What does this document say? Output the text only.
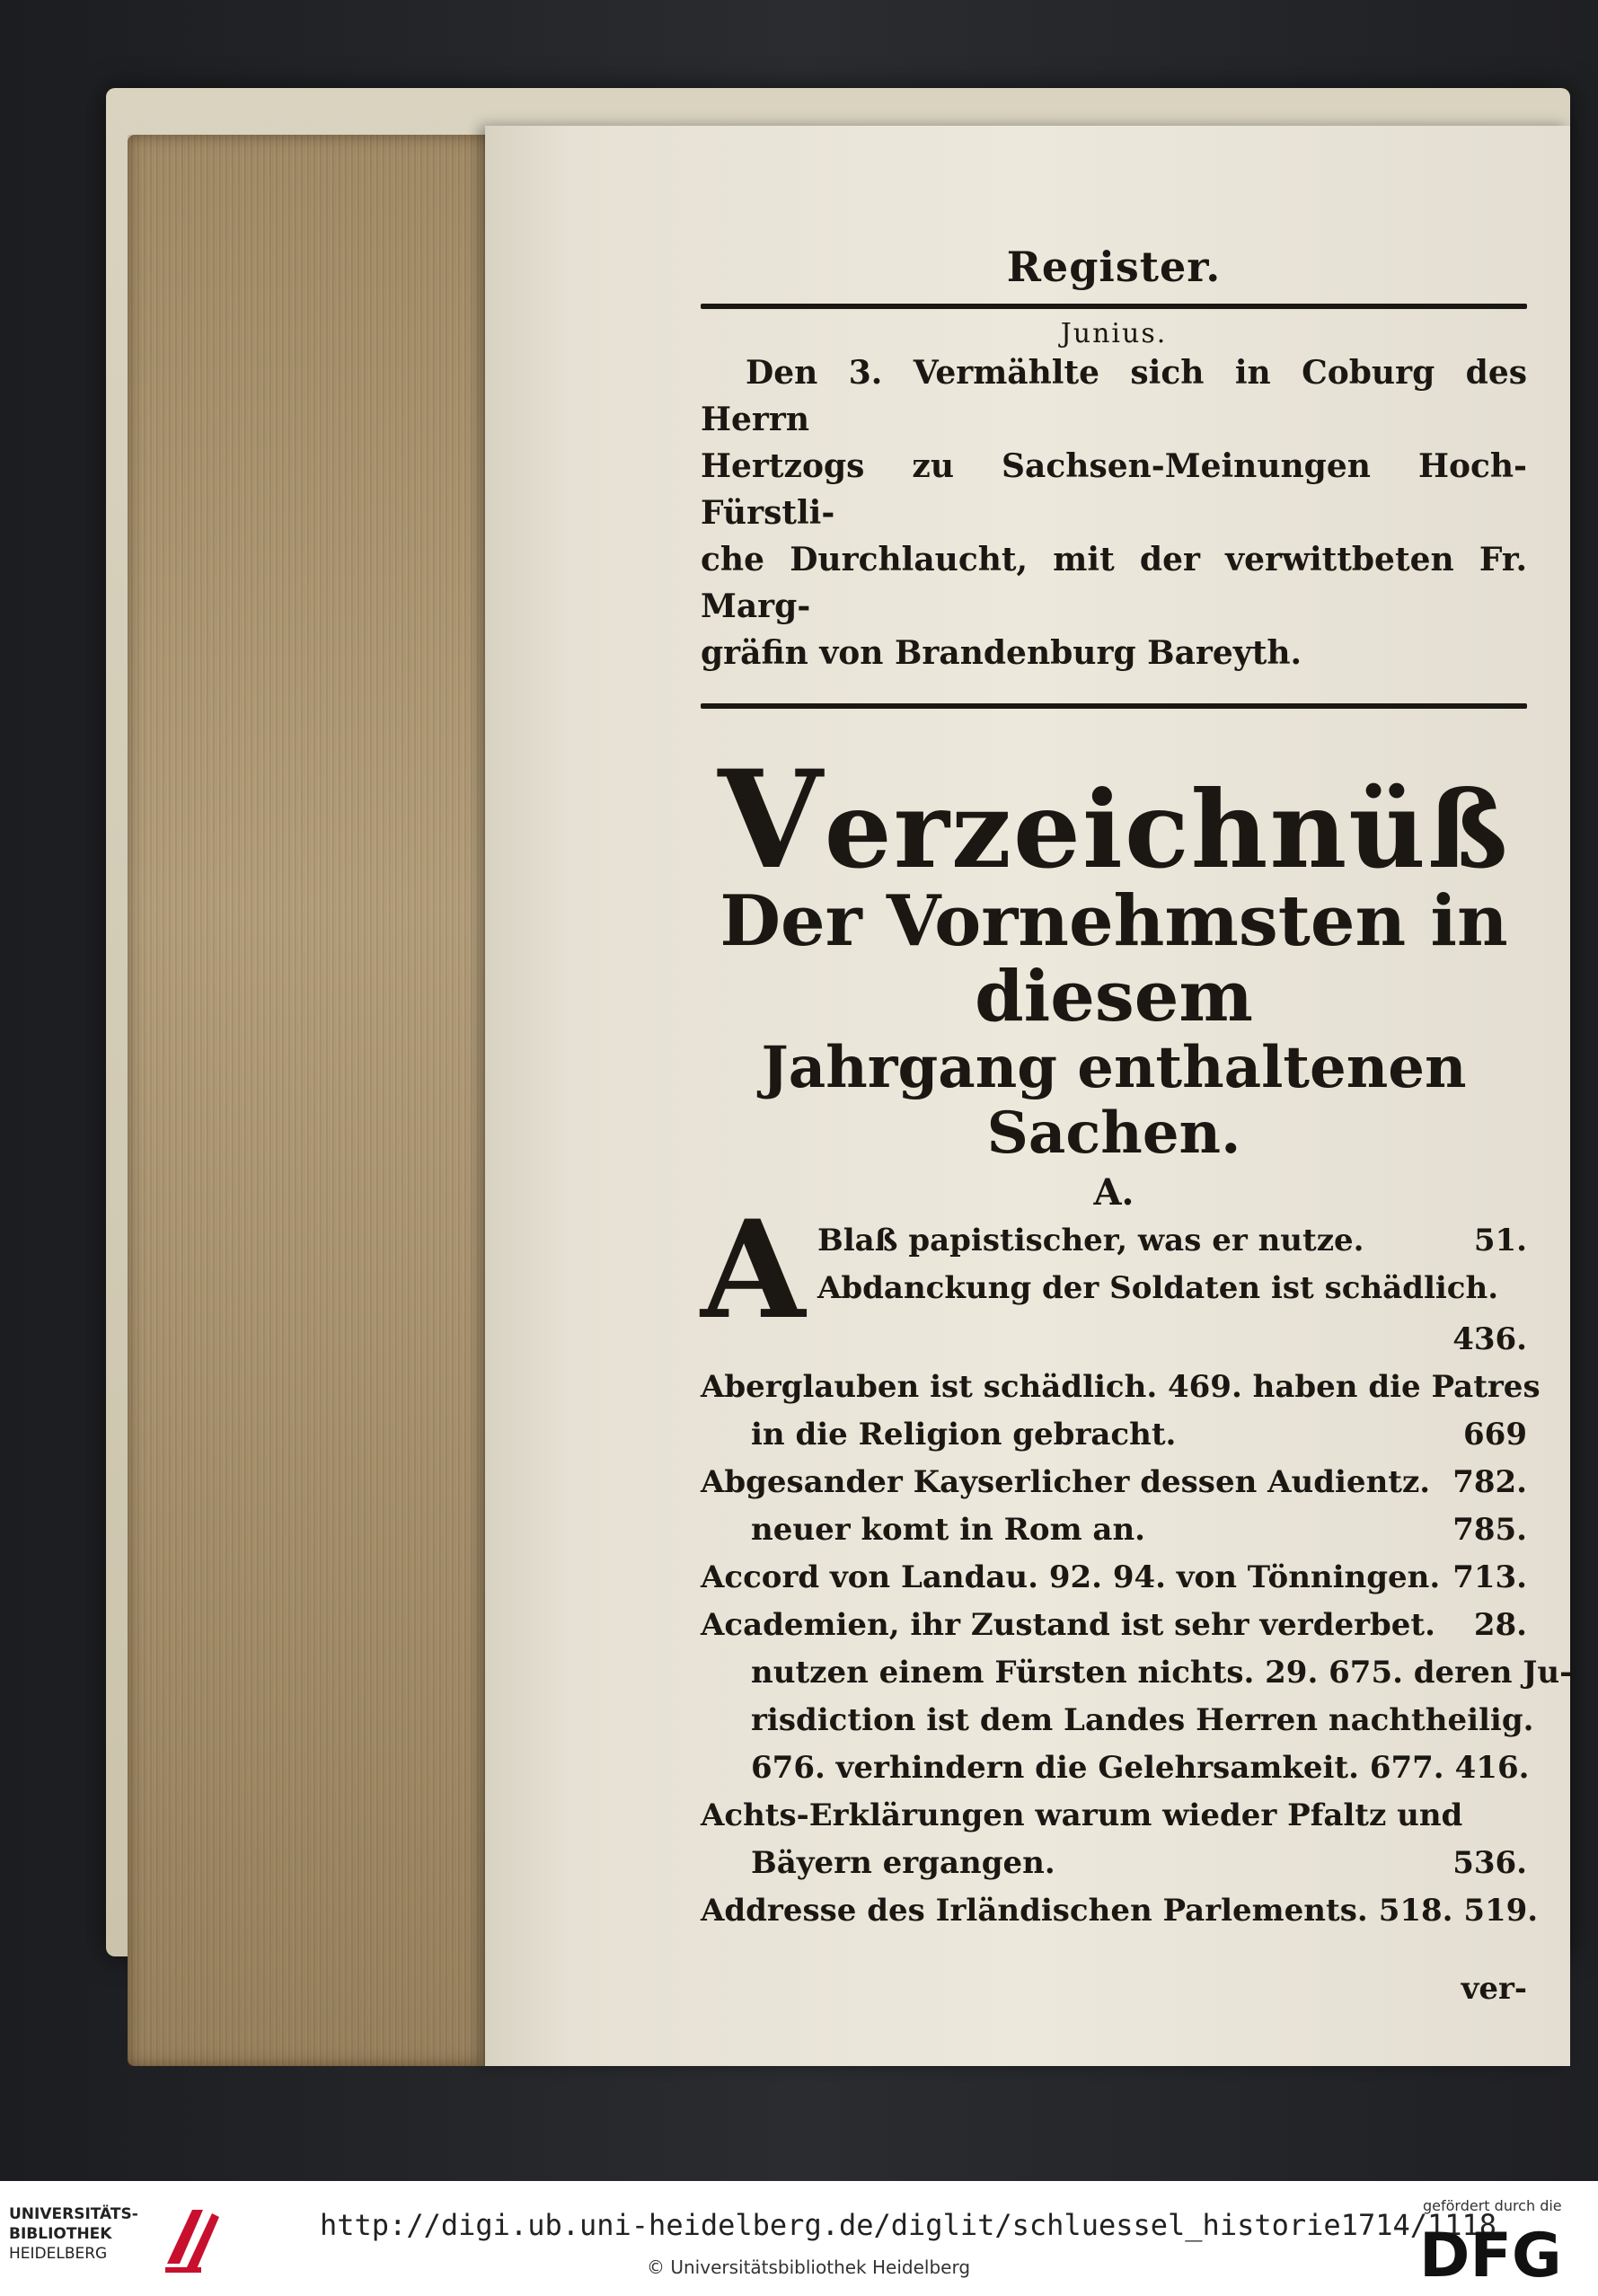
Register.

Junius.

Den 3. Vermählte sich in Coburg des Herrn
Hertzogs zu Sachsen-Meinungen Hoch-Fürstli-
che Durchlaucht, mit der verwittbeten Fr. Marg-
gräfin von Brandenburg Bareyth.

Verzeichnüß

Der Vornehmsten in diesem

Jahrgang enthaltenen

Sachen.

A.

A Blaß papistischer, was er nutze.	51.
Abdanckung der Soldaten ist schädlich.
436.
Aberglauben ist schädlich. 469. haben die Patres
in die Religion gebracht.	669
Abgesander Kayserlicher dessen Audientz. 782.
neuer komt in Rom an.	785.
Accord von Landau. 92. 94. von Tönningen. 713.
Academien, ihr Zustand ist sehr verderbet. 28.
nutzen einem Fürsten nichts. 29. 675. deren Ju-
risdiction ist dem Landes Herren nachtheilig.
676. verhindern die Gelehrsamkeit. 677. 416.
Achts-Erklärungen warum wieder Pfaltz und
Bäyern ergangen.	536.
Addresse des Irländischen Parlements. 518. 519.

ver-

UNIVERSITÄTS-
BIBLIOTHEK
HEIDELBERG
http://digi.ub.uni-heidelberg.de/diglit/schluessel_historie1714/1118
© Universitätsbibliothek Heidelberg
gefördert durch die
DFG
